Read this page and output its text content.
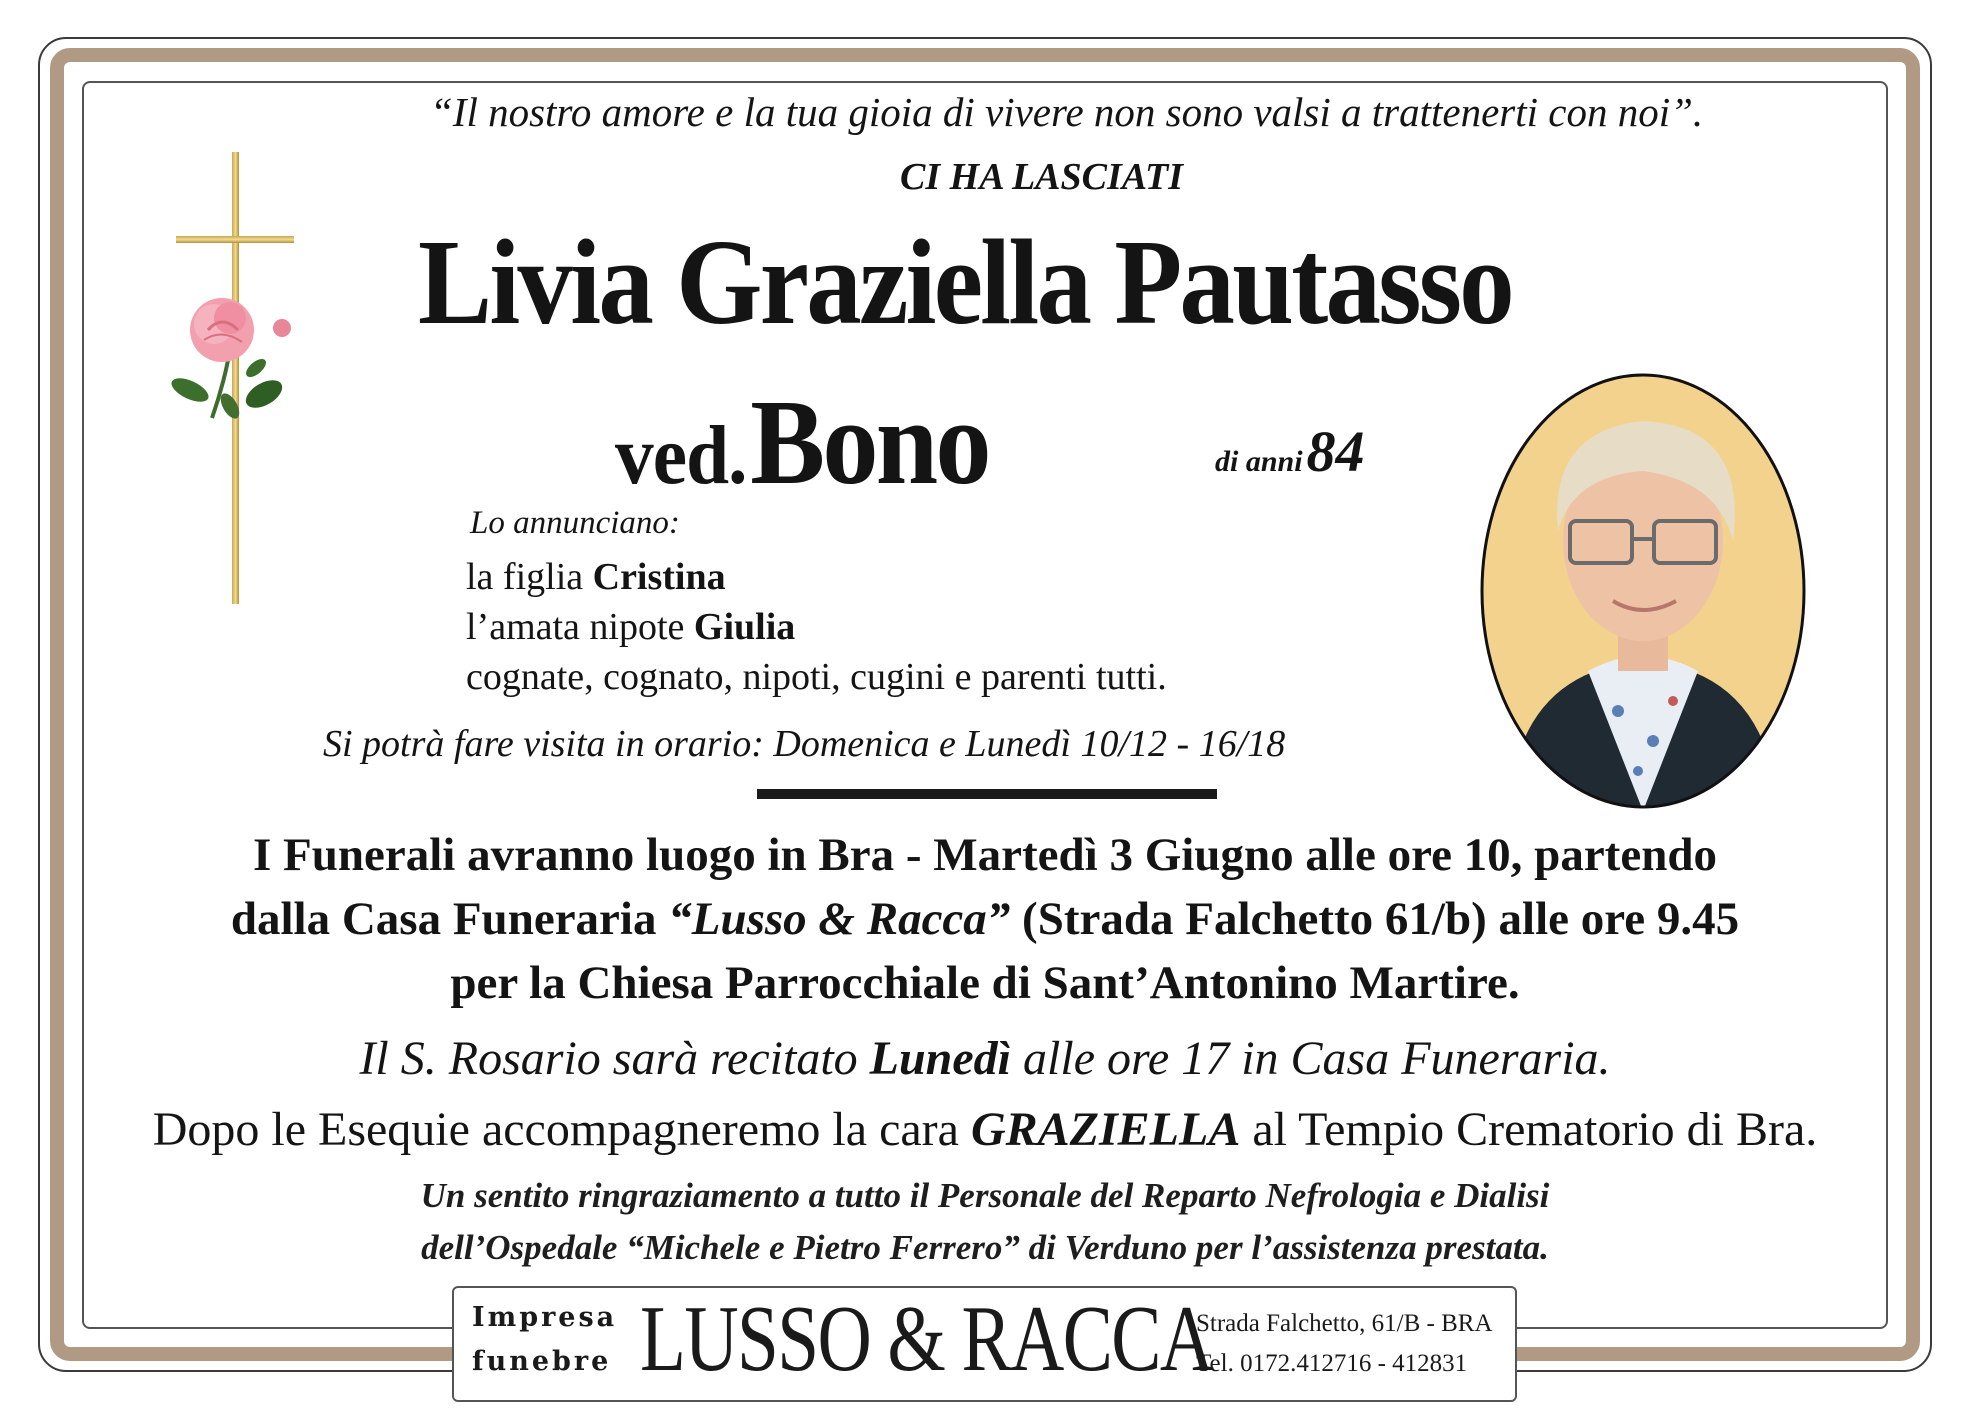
“Il nostro amore e la tua gioia di vivere non sono valsi a trattenerti con noi”.
CI HA LASCIATI
Livia Graziella Pautasso
ved. Bono	di anni 84
Lo annunciano:
la figlia Cristina
l’amata nipote Giulia
cognate, cognato, nipoti, cugini e parenti tutti.
Si potrà fare visita in orario: Domenica e Lunedì 10/12 - 16/18
I Funerali avranno luogo in Bra - Martedì 3 Giugno alle ore 10, partendo
dalla Casa Funeraria “Lusso & Racca” (Strada Falchetto 61/b) alle ore 9.45
per la Chiesa Parrocchiale di Sant’Antonino Martire.
Il S. Rosario sarà recitato Lunedì alle ore 17 in Casa Funeraria.
Dopo le Esequie accompagneremo la cara GRAZIELLA al Tempio Crematorio di Bra.
Un sentito ringraziamento a tutto il Personale del Reparto Nefrologia e Dialisi
dell’Ospedale “Michele e Pietro Ferrero” di Verduno per l’assistenza prestata.
Impresa
funebre LUSSO & RACCA
Strada Falchetto, 61/B - BRA
Tel. 0172.412716 - 412831
